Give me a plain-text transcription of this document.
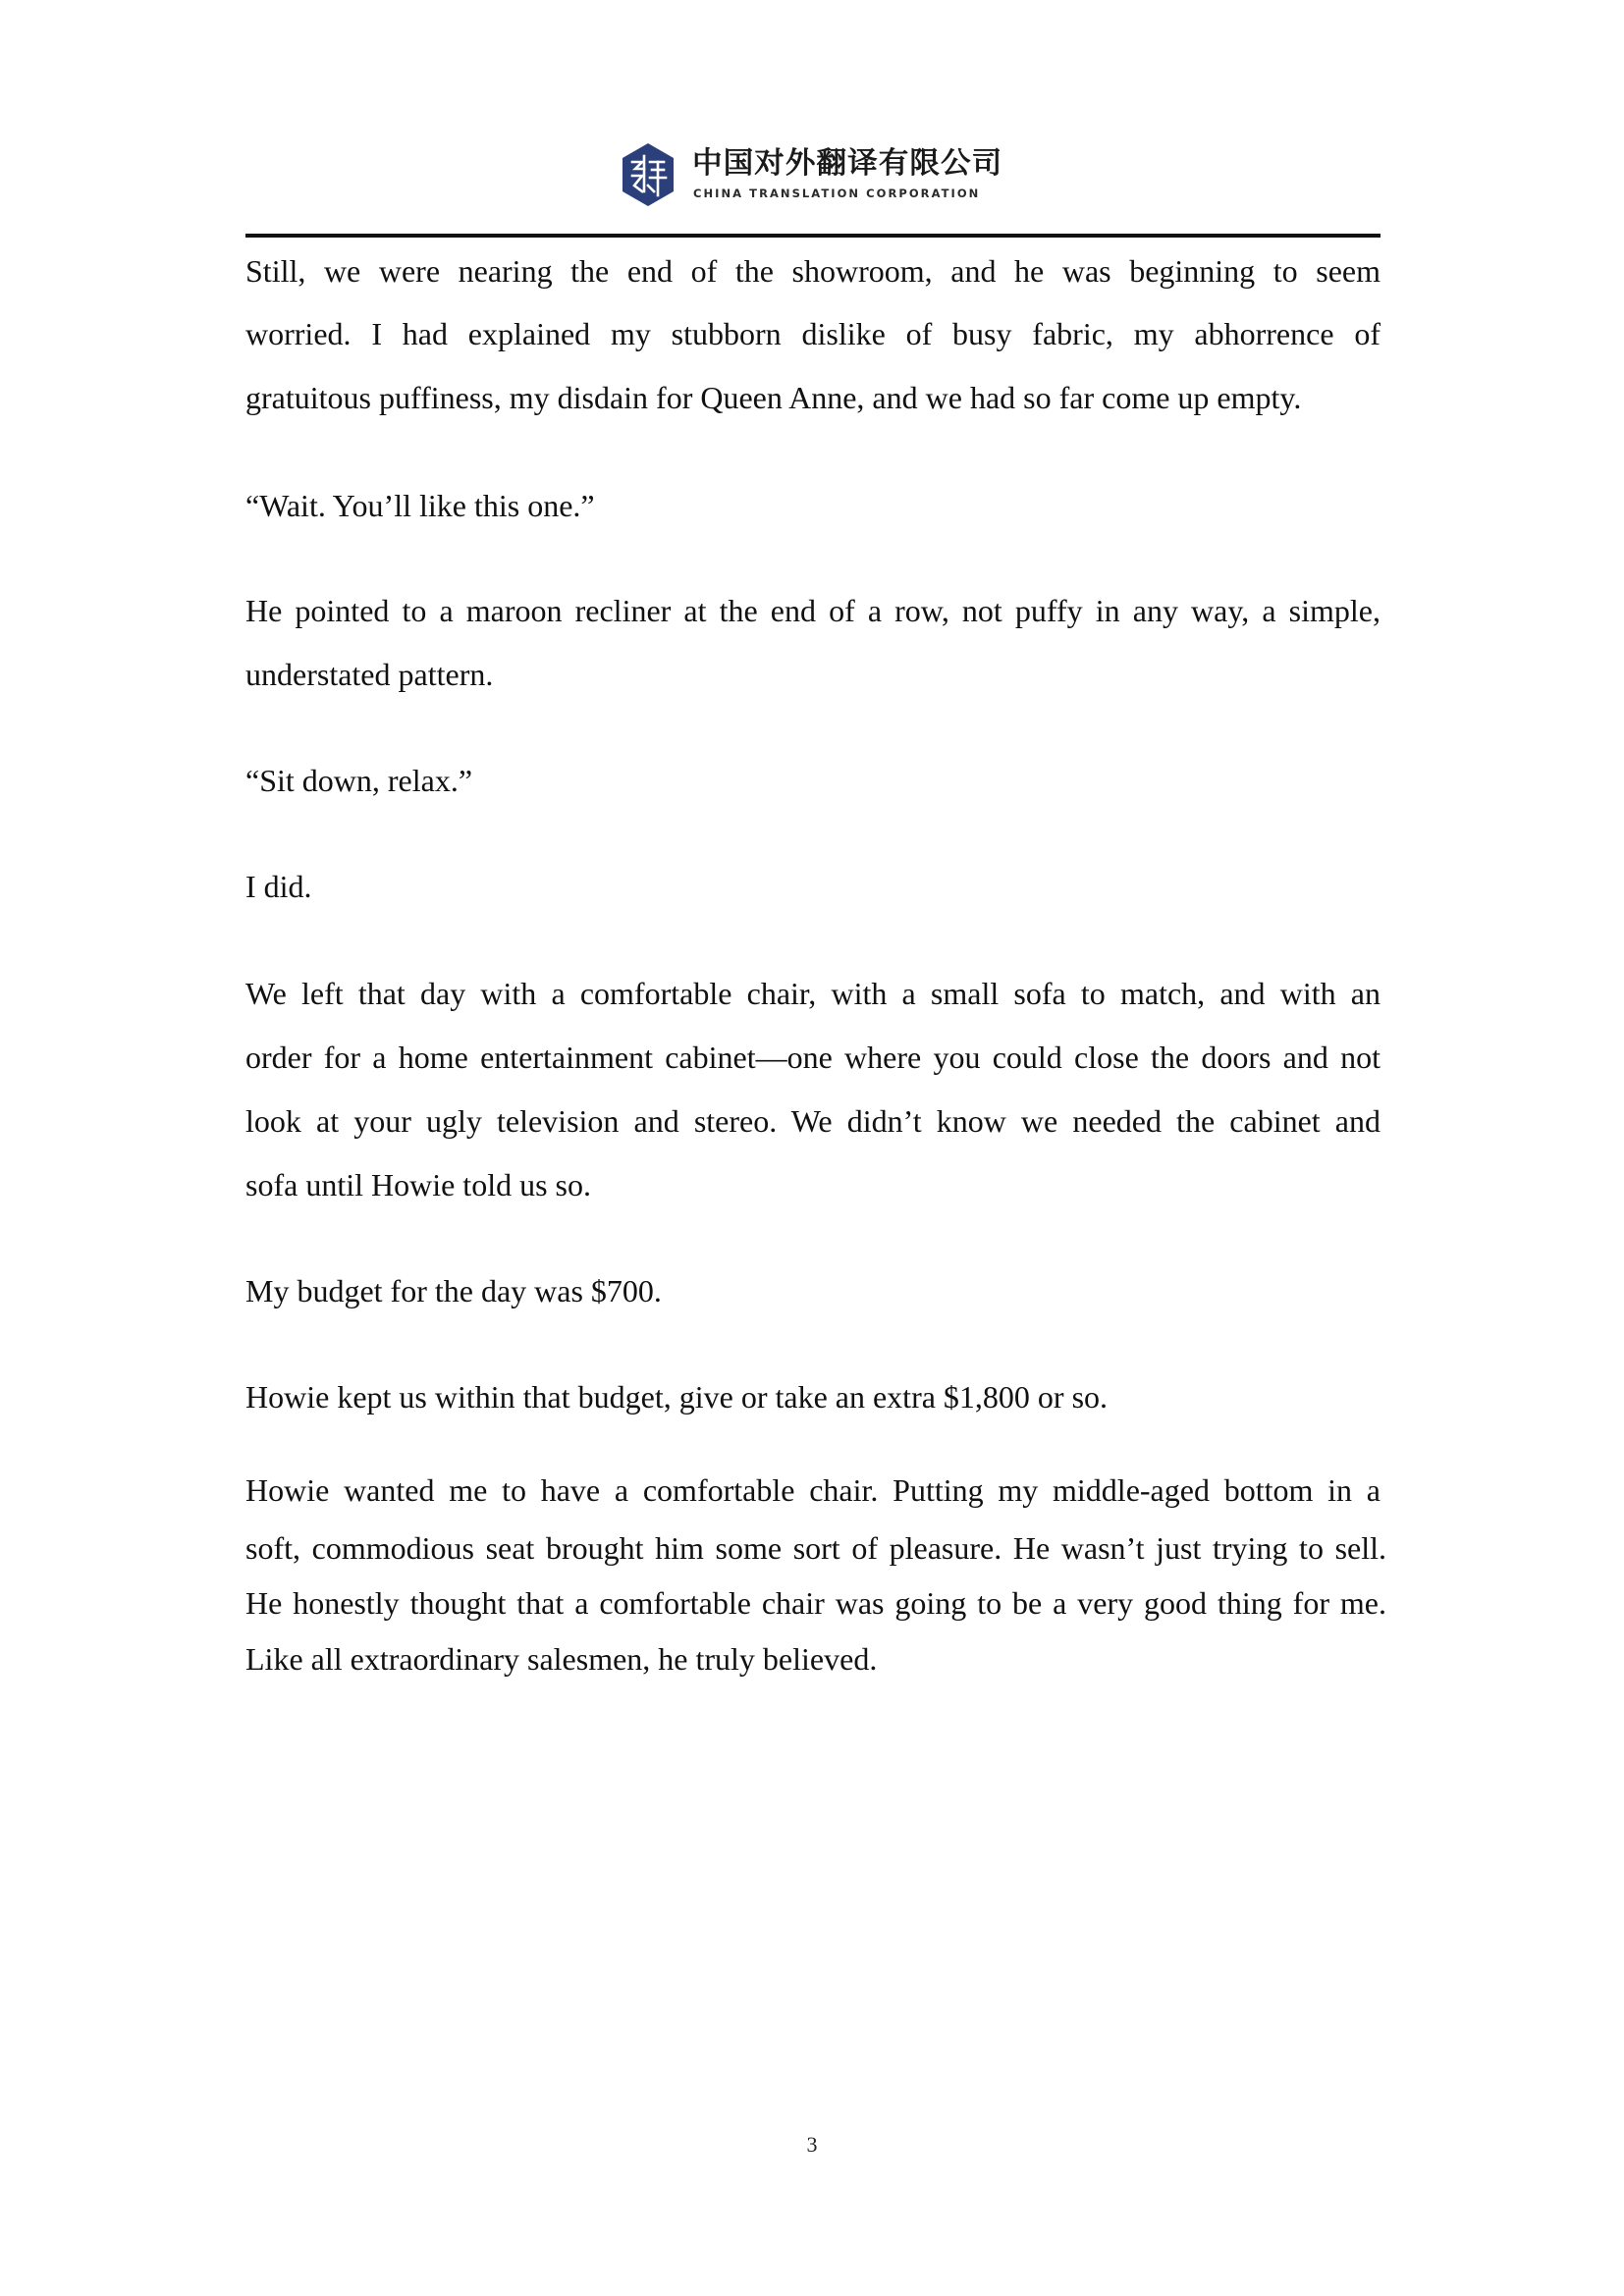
中国对外翻译有限公司
CHINA TRANSLATION CORPORATION
Still, we were nearing the end of the showroom, and he was beginning to seem
worried. I had explained my stubborn dislike of busy fabric, my abhorrence of
gratuitous puffiness, my disdain for Queen Anne, and we had so far come up empty.
“Wait. You’ll like this one.”
He pointed to a maroon recliner at the end of a row, not puffy in any way, a simple,
understated pattern.
“Sit down, relax.”
I did.
We left that day with a comfortable chair, with a small sofa to match, and with an
order for a home entertainment cabinet—one where you could close the doors and not
look at your ugly television and stereo. We didn’t know we needed the cabinet and
sofa until Howie told us so.
My budget for the day was $700.
Howie kept us within that budget, give or take an extra $1,800 or so.
Howie wanted me to have a comfortable chair. Putting my middle-aged bottom in a
soft, commodious seat brought him some sort of pleasure. He wasn’t just trying to sell.
He honestly thought that a comfortable chair was going to be a very good thing for me.
Like all extraordinary salesmen, he truly believed.
3
